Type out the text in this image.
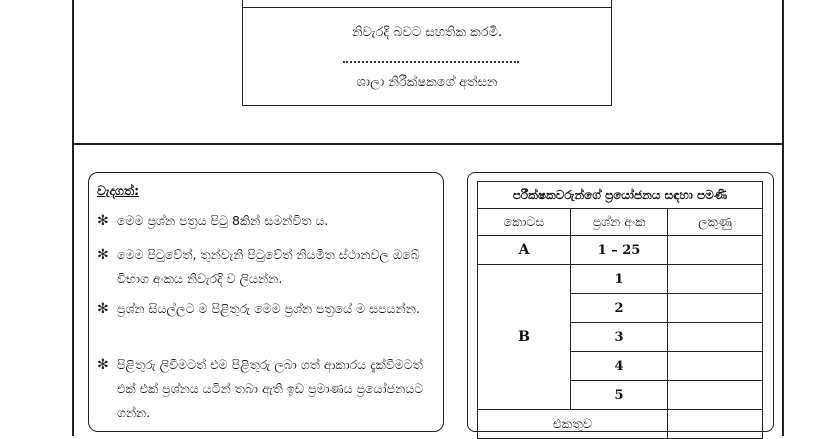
නිවැරදි බවට සහතික කරමි.
ශාලා නිරීක්ෂකගේ අත්සන
වැදගත්:
✻ මෙම ප්‍රශ්න පත්‍රය පිටු 8කින් සමන්විත ය.
✻ මෙම පිටුවේත්, තුන්වැනි පිටුවේත් නියමිත ස්ථානවල ඔබේ විභාග අංකය නිවැරදි ව ලියන්න.
✻ ප්‍රශ්න සියල්ලට ම පිළිතුරු මෙම ප්‍රශ්න පත්‍රයේ ම සපයන්න.
✻ පිළිතුරු ලිවීමටත් එම පිළිතුරු ලබා ගත් ආකාරය දැක්වීමටත් එක් එක් ප්‍රශ්නය යටින් තබා ඇති ඉඩ ප්‍රමාණය ප්‍රයෝජනයට ගන්න.
පරීක්ෂකවරුන්ගේ ප්‍රයෝජනය සඳහා පමණි		
කොටස	ප්‍රශ්න අංක	ලකුණු
A	1 – 25	
B	1	
	2	
	3	
	4	
	5	
එකතුව		
